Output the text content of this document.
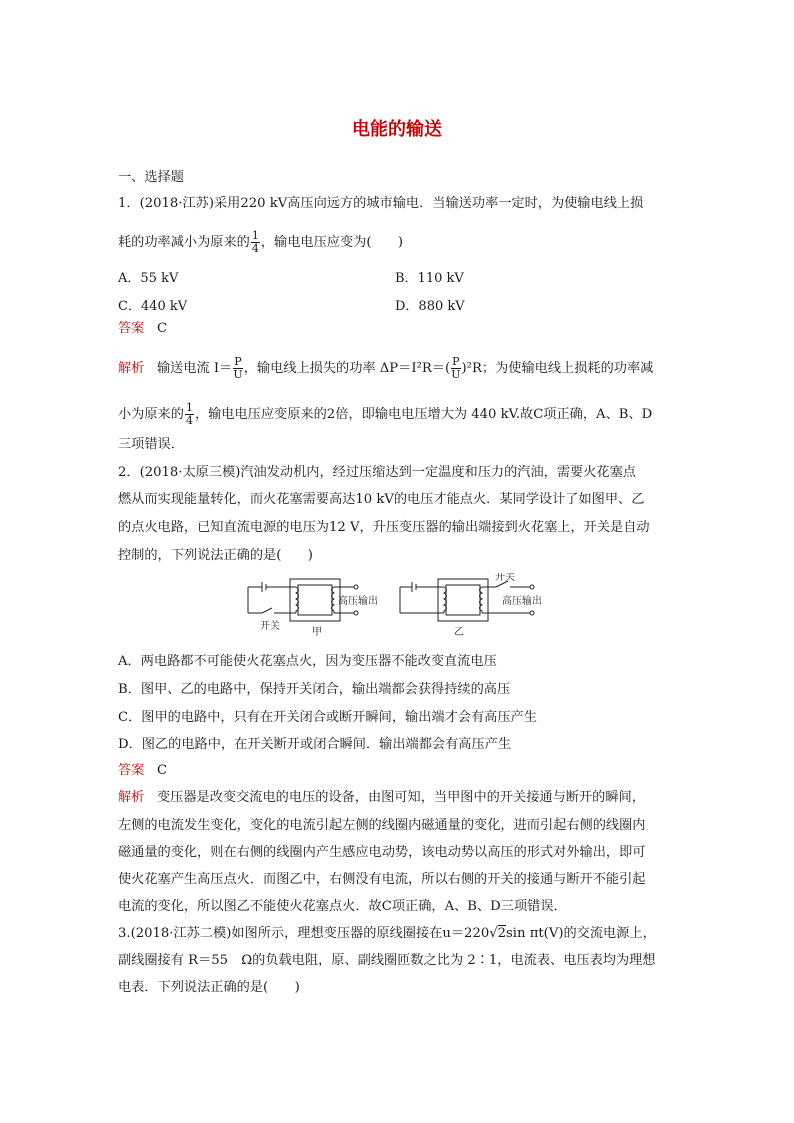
电能的输送
一、选择题
1．(2018·江苏)采用220 kV高压向远方的城市输电．当输送功率一定时，为使输电线上损
耗的功率减小为原来的 $\frac{1}{4}$ ，输电电压应变为(　　)
A．55 kV	B．110 kV
C．440 kV	D．880 kV
答案 C
解析 输送电流 $I= \frac{P}{U}$ ，输电线上损失的功率 $\Delta P=I^2R=( \frac{P}{U} )^2R$；为使输电线上损耗的功率减
小为原来的 $\frac{1}{4}$ ，输电电压应变原来的2倍，即输电电压增大为 440 kV.故C项正确，A、B、D
三项错误．
2．(2018·太原三模)汽油发动机内，经过压缩达到一定温度和压力的汽油，需要火花塞点
燃从而实现能量转化，而火花塞需要高达10 kV的电压才能点火．某同学设计了如图甲、乙
的点火电路，已知直流电源的电压为12 V，升压变压器的输出端接到火花塞上，开关是自动
控制的，下列说法正确的是(　　)
开关
高压输出
甲
开关
高压输出
乙
A．两电路都不可能使火花塞点火，因为变压器不能改变直流电压
B．图甲、乙的电路中，保持开关闭合，输出端都会获得持续的高压
C．图甲的电路中，只有在开关闭合或断开瞬间，输出端才会有高压产生
D．图乙的电路中，在开关断开或闭合瞬间．输出端都会有高压产生
答案 C
解析 变压器是改变交流电的电压的设备，由图可知，当甲图中的开关接通与断开的瞬间，
左侧的电流发生变化，变化的电流引起左侧的线圈内磁通量的变化，进而引起右侧的线圈内
磁通量的变化，则在右侧的线圈内产生感应电动势，该电动势以高压的形式对外输出，即可
使火花塞产生高压点火．而图乙中，右侧没有电流，所以右侧的开关的接通与断开不能引起
电流的变化，所以图乙不能使火花塞点火．故C项正确，A、B、D三项错误．
3.(2018·江苏二模)如图所示，理想变压器的原线圈接在u＝220√2sin πt(V)的交流电源上，
副线圈接有 R＝55　Ω的负载电阻，原、副线圈匝数之比为 2∶1，电流表、电压表均为理想
电表．下列说法正确的是(　　)
